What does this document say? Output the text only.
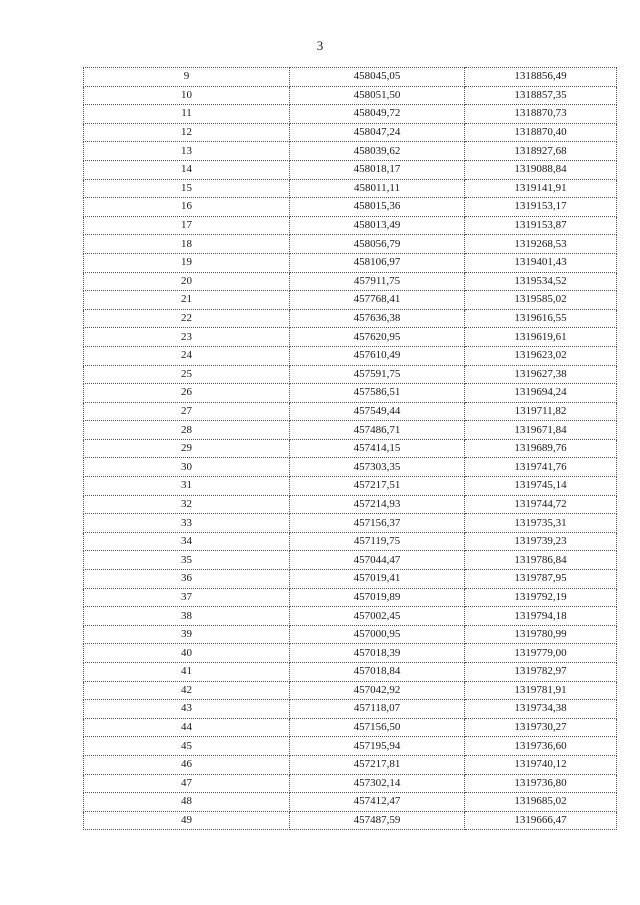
3
9	458045,05	1318856,49
10	458051,50	1318857,35
11	458049,72	1318870,73
12	458047,24	1318870,40
13	458039,62	1318927,68
14	458018,17	1319088,84
15	458011,11	1319141,91
16	458015,36	1319153,17
17	458013,49	1319153,87
18	458056,79	1319268,53
19	458106,97	1319401,43
20	457911,75	1319534,52
21	457768,41	1319585,02
22	457636,38	1319616,55
23	457620,95	1319619,61
24	457610,49	1319623,02
25	457591,75	1319627,38
26	457586,51	1319694,24
27	457549,44	1319711,82
28	457486,71	1319671,84
29	457414,15	1319689,76
30	457303,35	1319741,76
31	457217,51	1319745,14
32	457214,93	1319744,72
33	457156,37	1319735,31
34	457119,75	1319739,23
35	457044,47	1319786,84
36	457019,41	1319787,95
37	457019,89	1319792,19
38	457002,45	1319794,18
39	457000,95	1319780,99
40	457018,39	1319779,00
41	457018,84	1319782,97
42	457042,92	1319781,91
43	457118,07	1319734,38
44	457156,50	1319730,27
45	457195,94	1319736,60
46	457217,81	1319740,12
47	457302,14	1319736,80
48	457412,47	1319685,02
49	457487,59	1319666,47
